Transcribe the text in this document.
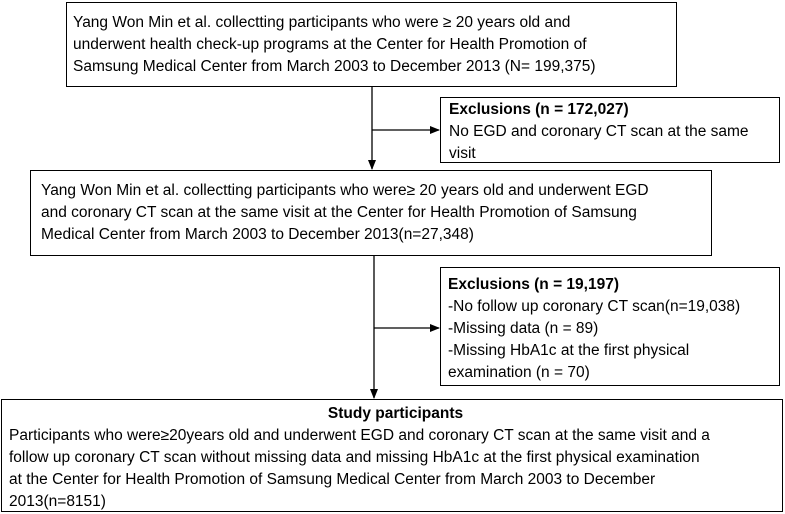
Yang Won Min et al. collectting participants who were ≥ 20 years old and
underwent health check-up programs at the Center for Health Promotion of
Samsung Medical Center from March 2003 to December 2013 (N= 199,375)
Exclusions (n = 172,027)
No EGD and coronary CT scan at the same
visit
Yang Won Min et al. collectting participants who were≥ 20 years old and underwent EGD
and coronary CT scan at the same visit at the Center for Health Promotion of Samsung
Medical Center from March 2003 to December 2013(n=27,348)
Exclusions (n = 19,197)
-No follow up coronary CT scan(n=19,038)
-Missing data (n = 89)
-Missing HbA1c at the first physical
examination (n = 70)
Study participants
Participants who were≥20years old and underwent EGD and coronary CT scan at the same visit and a
follow up coronary CT scan without missing data and missing HbA1c at the first physical examination
at the Center for Health Promotion of Samsung Medical Center from March 2003 to December
2013(n=8151)
